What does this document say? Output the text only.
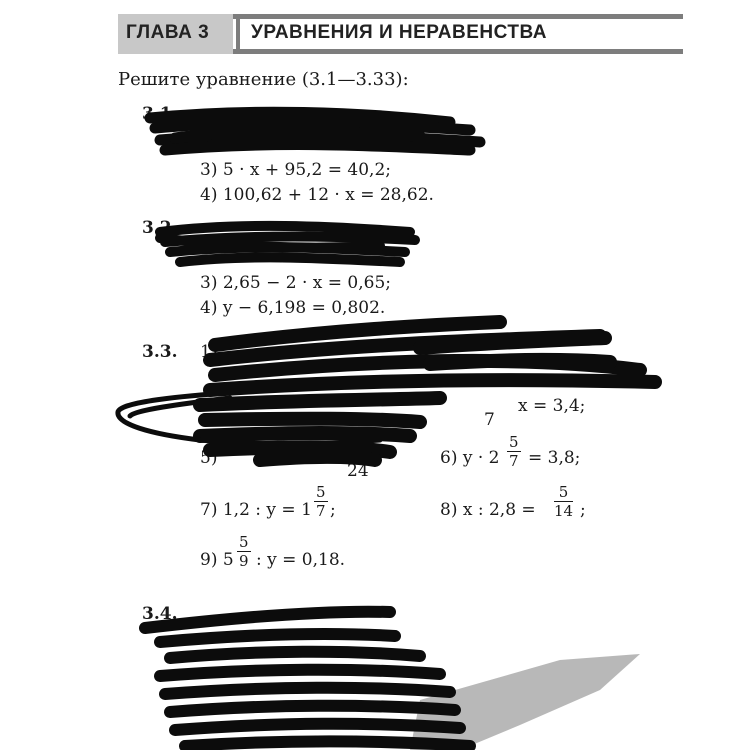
ГЛАВА 3 УРАВНЕНИЯ И НЕРАВЕНСТВА
Решите уравнение (3.1—3.33):
3.1.
3) 5 · x + 95,2 = 40,2;
4) 100,62 + 12 · x = 28,62.
3.2.
3) 2,65 − 2 · x = 0,65;
4) y − 6,198 = 0,802.
3.3. 1)
5)
24
7
x = 3,4;
6) $y \cdot 2 \frac{5}{7} = 3,8$;
7) 1,2 : $y = 1 \frac{5}{7}$ ;	8) x : $2,8 = \frac{5}{14}$ ;
9) $5 \frac{5}{9}$ : y = 0,18.
3.4.
